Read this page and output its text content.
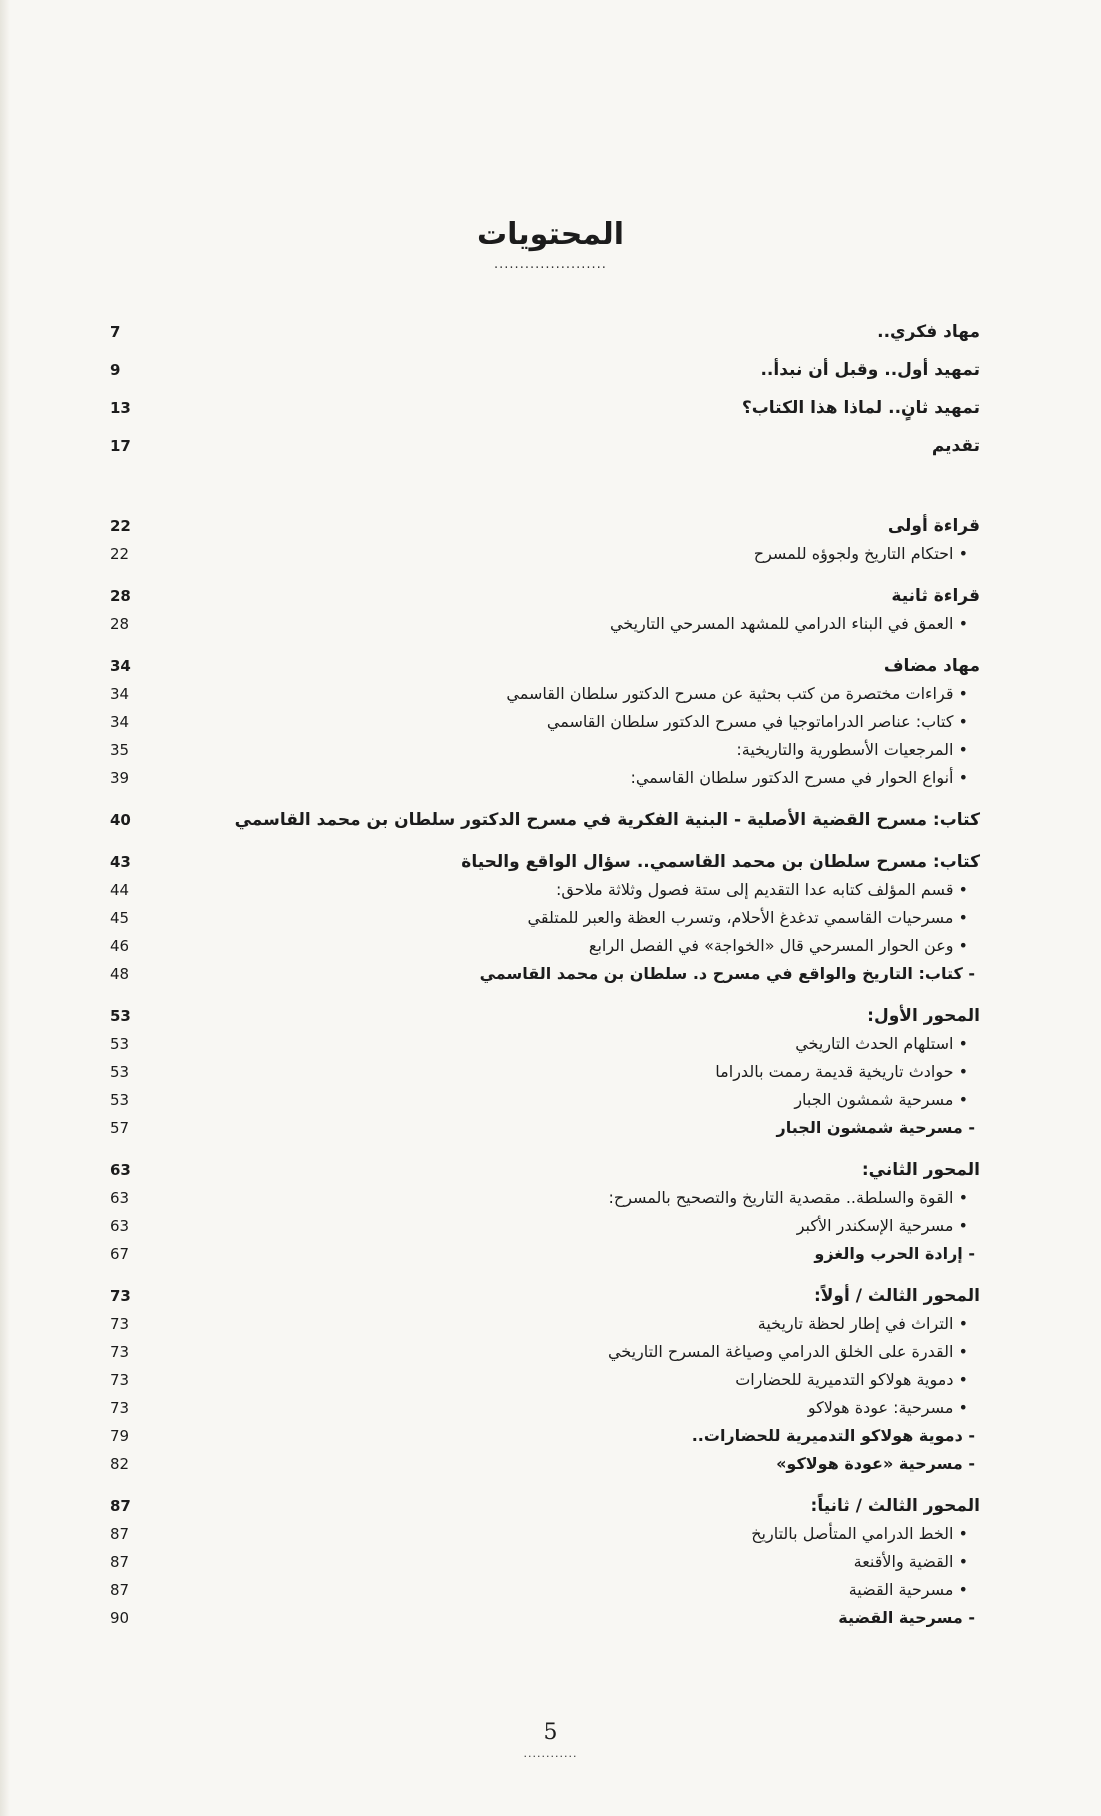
المحتويات
......................
مهاد فكري..
7
تمهيد أول.. وقبل أن نبدأ..
9
تمهيد ثانٍ.. لماذا هذا الكتاب؟
13
تقديم
17
قراءة أولى
22
• احتكام التاريخ ولجوؤه للمسرح
22
قراءة ثانية
28
• العمق في البناء الدرامي للمشهد المسرحي التاريخي
28
مهاد مضاف
34
• قراءات مختصرة من كتب بحثية عن مسرح الدكتور سلطان القاسمي
34
• كتاب: عناصر الدراماتوجيا في مسرح الدكتور سلطان القاسمي
34
• المرجعيات الأسطورية والتاريخية:
35
• أنواع الحوار في مسرح الدكتور سلطان القاسمي:
39
كتاب: مسرح القضية الأصلية - البنية الفكرية في مسرح الدكتور سلطان بن محمد القاسمي
40
كتاب: مسرح سلطان بن محمد القاسمي.. سؤال الواقع والحياة
43
• قسم المؤلف كتابه عدا التقديم إلى ستة فصول وثلاثة ملاحق:
44
• مسرحيات القاسمي تدغدغ الأحلام، وتسرب العظة والعبر للمتلقي
45
• وعن الحوار المسرحي قال «الخواجة» في الفصل الرابع
46
- كتاب: التاريخ والواقع في مسرح د. سلطان بن محمد القاسمي
48
المحور الأول:
53
• استلهام الحدث التاريخي
53
• حوادث تاريخية قديمة رممت بالدراما
53
• مسرحية شمشون الجبار
53
- مسرحية شمشون الجبار
57
المحور الثاني:
63
• القوة والسلطة.. مقصدية التاريخ والتصحيح بالمسرح:
63
• مسرحية الإسكندر الأكبر
63
- إرادة الحرب والغزو
67
المحور الثالث / أولاً:
73
• التراث في إطار لحظة تاريخية
73
• القدرة على الخلق الدرامي وصياغة المسرح التاريخي
73
• دموية هولاكو التدميرية للحضارات
73
• مسرحية: عودة هولاكو
73
- دموية هولاكو التدميرية للحضارات..
79
- مسرحية «عودة هولاكو»
82
المحور الثالث / ثانياً:
87
• الخط الدرامي المتأصل بالتاريخ
87
• القضية والأقنعة
87
• مسرحية القضية
87
- مسرحية القضية
90
5
............
